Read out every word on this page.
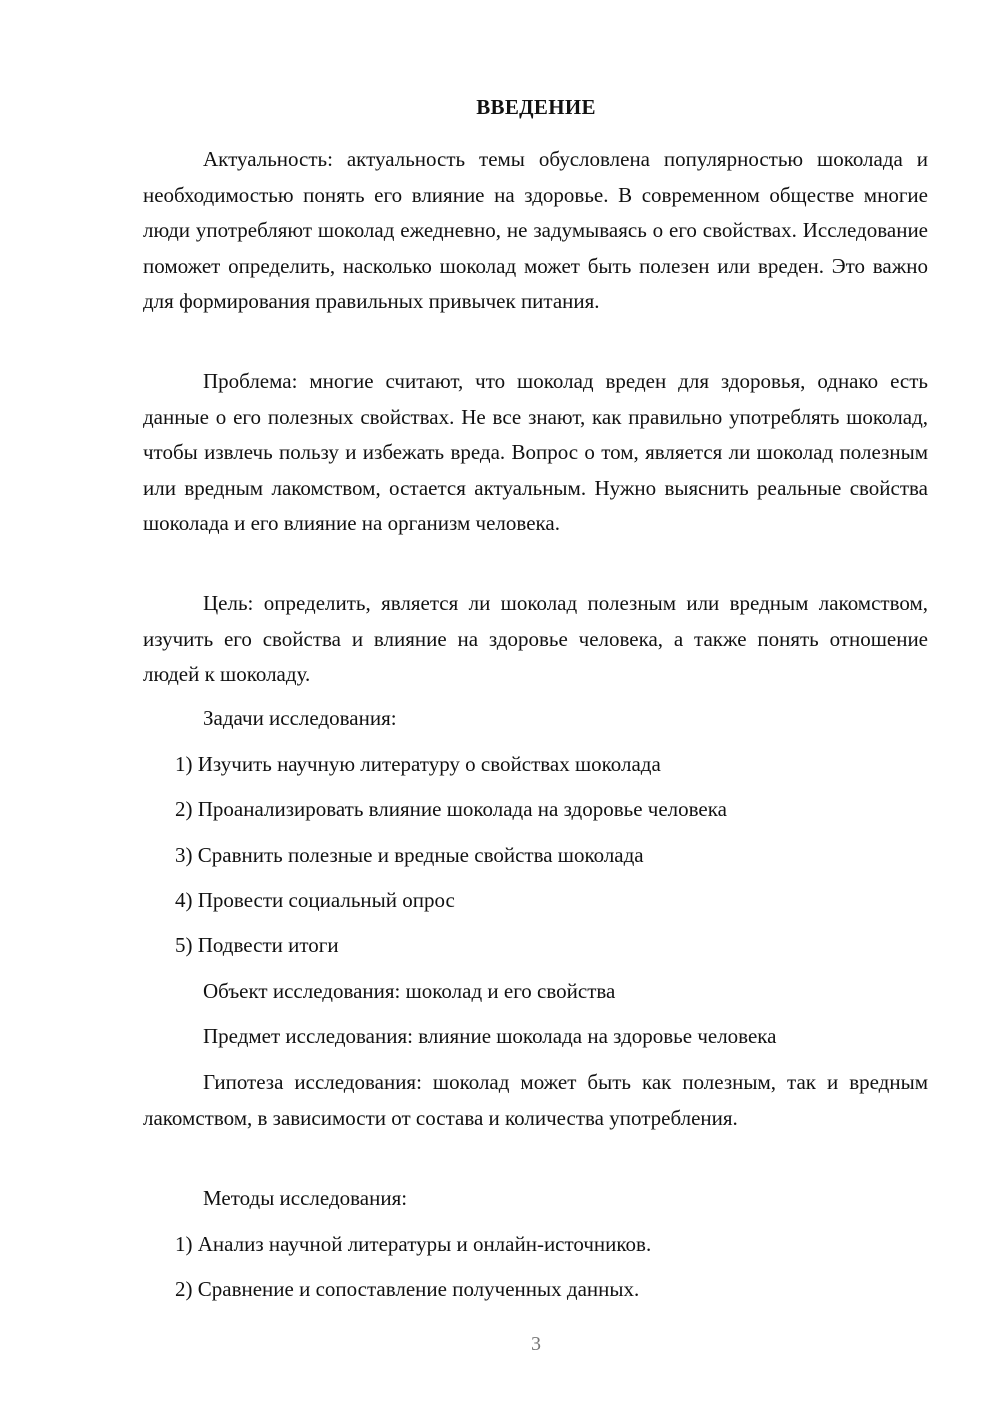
ВВЕДЕНИЕ

Актуальность: актуальность темы обусловлена популярностью шоколада и необходимостью понять его влияние на здоровье. В современном обществе многие люди употребляют шоколад ежедневно, не задумываясь о его свойствах. Исследование поможет определить, насколько шоколад может быть полезен или вреден. Это важно для формирования правильных привычек питания.

Проблема: многие считают, что шоколад вреден для здоровья, однако есть данные о его полезных свойствах. Не все знают, как правильно употреблять шоколад, чтобы извлечь пользу и избежать вреда. Вопрос о том, является ли шоколад полезным или вредным лакомством, остается актуальным. Нужно выяснить реальные свойства шоколада и его влияние на организм человека.

Цель: определить, является ли шоколад полезным или вредным лакомством, изучить его свойства и влияние на здоровье человека, а также понять отношение людей к шоколаду.

Задачи исследования:
1) Изучить научную литературу о свойствах шоколада
2) Проанализировать влияние шоколада на здоровье человека
3) Сравнить полезные и вредные свойства шоколада
4) Провести социальный опрос
5) Подвести итоги
Объект исследования: шоколад и его свойства
Предмет исследования: влияние шоколада на здоровье человека

Гипотеза исследования: шоколад может быть как полезным, так и вредным лакомством, в зависимости от состава и количества употребления.

Методы исследования:
1) Анализ научной литературы и онлайн-источников.
2) Сравнение и сопоставление полученных данных.
3
